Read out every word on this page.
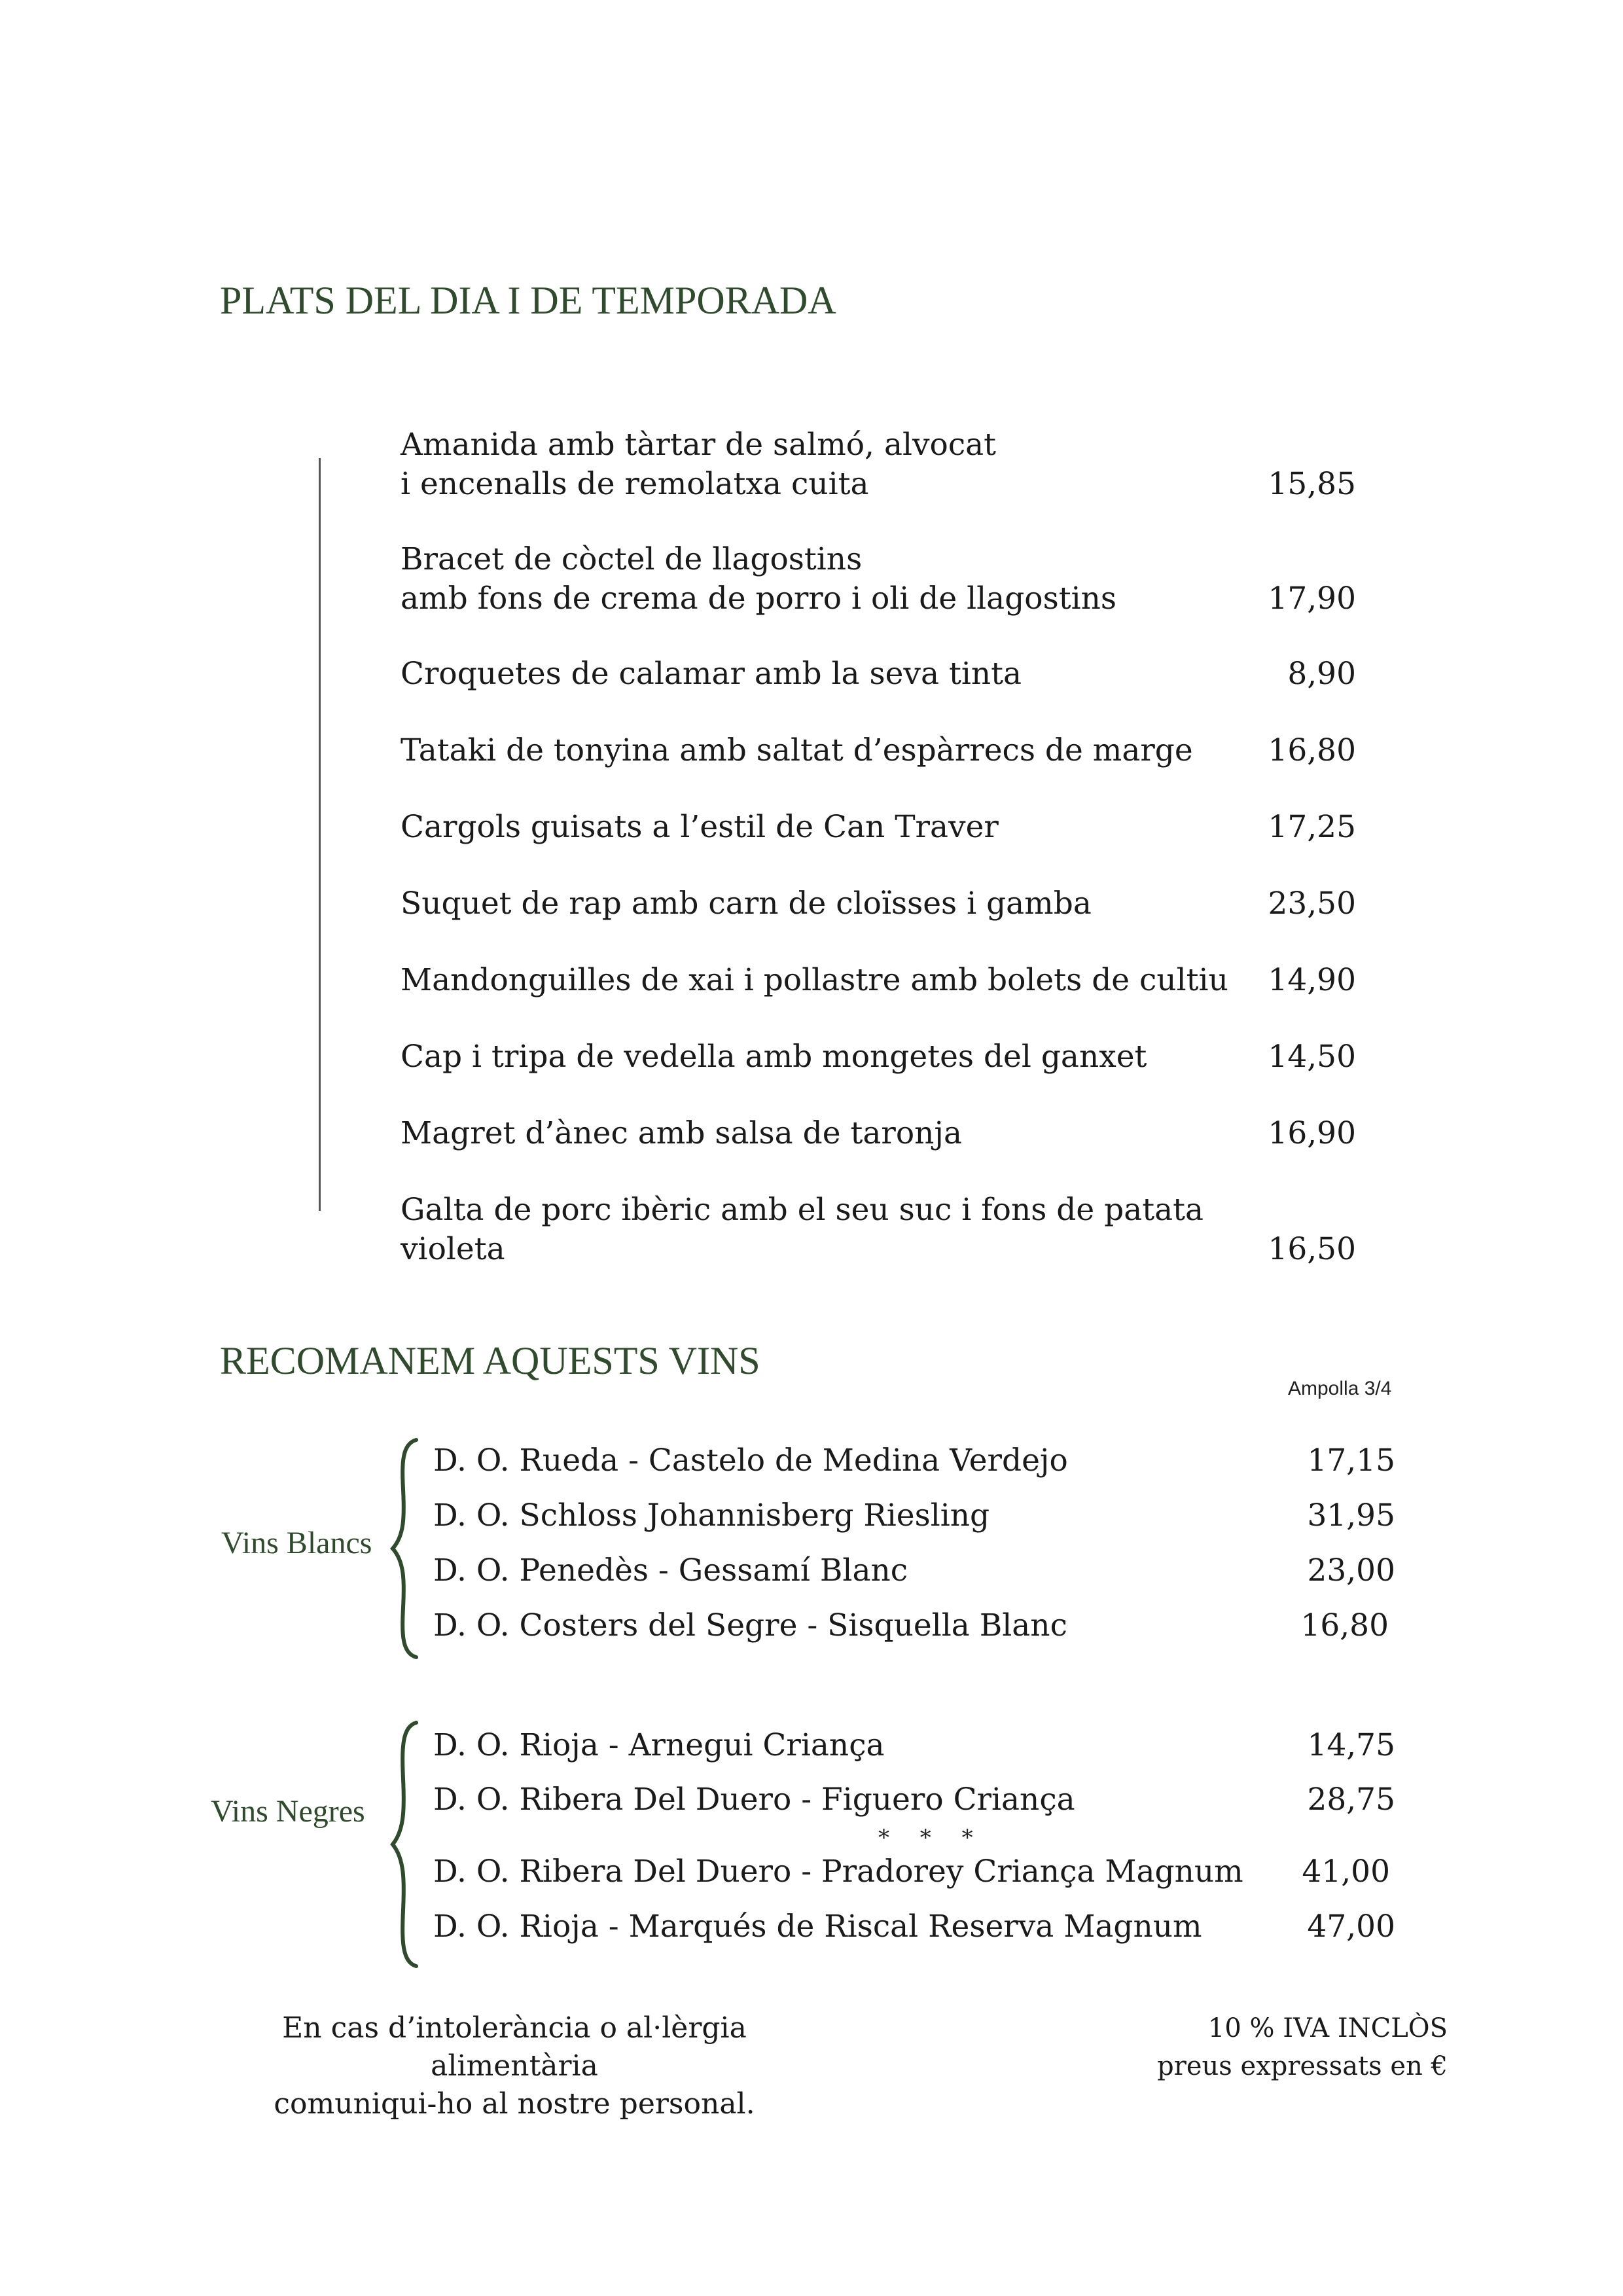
PLATS DEL DIA I DE TEMPORADA
Amanida amb tàrtar de salmó, alvocat
i encenalls de remolatxa cuita	15,85
Bracet de còctel de llagostins
amb fons de crema de porro i oli de llagostins	17,90
Croquetes de calamar amb la seva tinta	8,90
Tataki de tonyina amb saltat d’espàrrecs de marge	16,80
Cargols guisats a l’estil de Can Traver	17,25
Suquet de rap amb carn de cloïsses i gamba	23,50
Mandonguilles de xai i pollastre amb bolets de cultiu	14,90
Cap i tripa de vedella amb mongetes del ganxet	14,50
Magret d’ànec amb salsa de taronja	16,90
Galta de porc ibèric amb el seu suc i fons de patata violeta	16,50
RECOMANEM AQUESTS VINS
Ampolla 3/4
Vins Blancs
D. O. Rueda - Castelo de Medina Verdejo	17,15
D. O. Schloss Johannisberg Riesling	31,95
D. O. Penedès - Gessamí Blanc	23,00
D. O. Costers del Segre - Sisquella Blanc	16,80
Vins Negres
D. O. Rioja - Arnegui Criança	14,75
D. O. Ribera Del Duero - Figuero Criança	28,75
* * *
D. O. Ribera Del Duero - Pradorey Criança Magnum 41,00
D. O. Rioja - Marqués de Riscal Reserva Magnum	47,00
En cas d’intolerància o al·lèrgia alimentària
comuniqui-ho al nostre personal.
10 % IVA INCLÒS
preus expressats en €
